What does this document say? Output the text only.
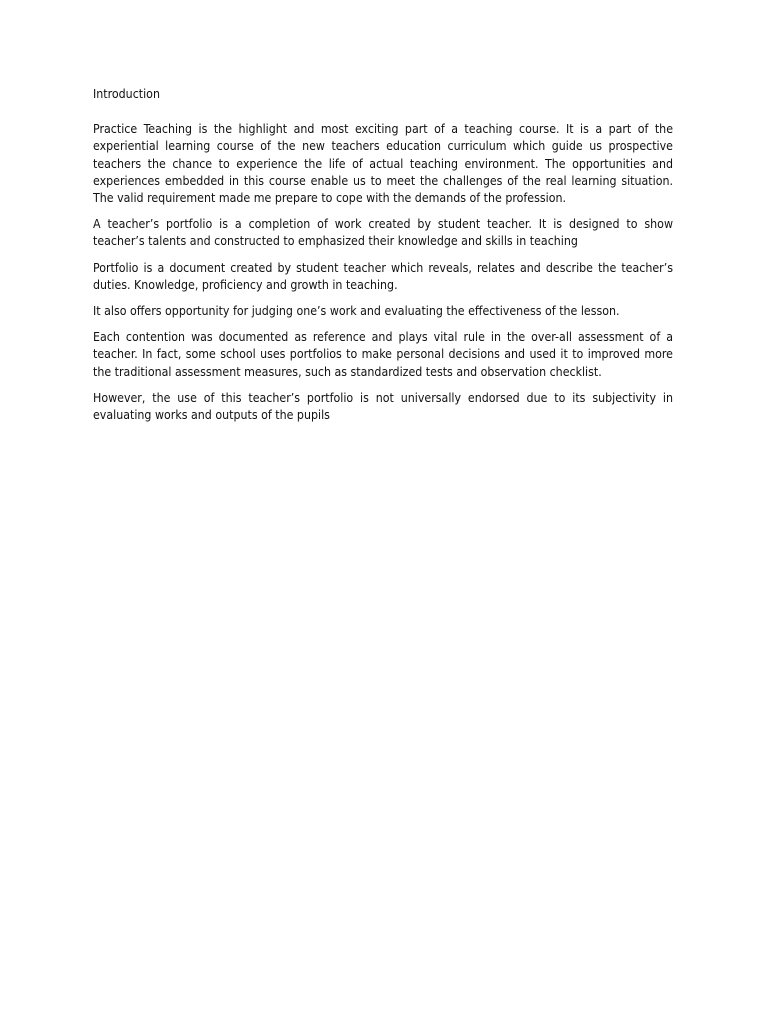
Introduction

Practice Teaching is the highlight and most exciting part of a teaching course. It is a part of the experiential learning course of the new teachers education curriculum which guide us prospective teachers the chance to experience the life of actual teaching environment. The opportunities and experiences embedded in this course enable us to meet the challenges of the real learning situation. The valid requirement made me prepare to cope with the demands of the profession.

A teacher’s portfolio is a completion of work created by student teacher. It is designed to show teacher’s talents and constructed to emphasized their knowledge and skills in teaching

Portfolio is a document created by student teacher which reveals, relates and describe the teacher’s duties. Knowledge, proficiency and growth in teaching.

It also offers opportunity for judging one’s work and evaluating the effectiveness of the lesson.

Each contention was documented as reference and plays vital rule in the over-all assessment of a teacher. In fact, some school uses portfolios to make personal decisions and used it to improved more the traditional assessment measures, such as standardized tests and observation checklist.

However, the use of this teacher’s portfolio is not universally endorsed due to its subjectivity in evaluating works and outputs of the pupils
